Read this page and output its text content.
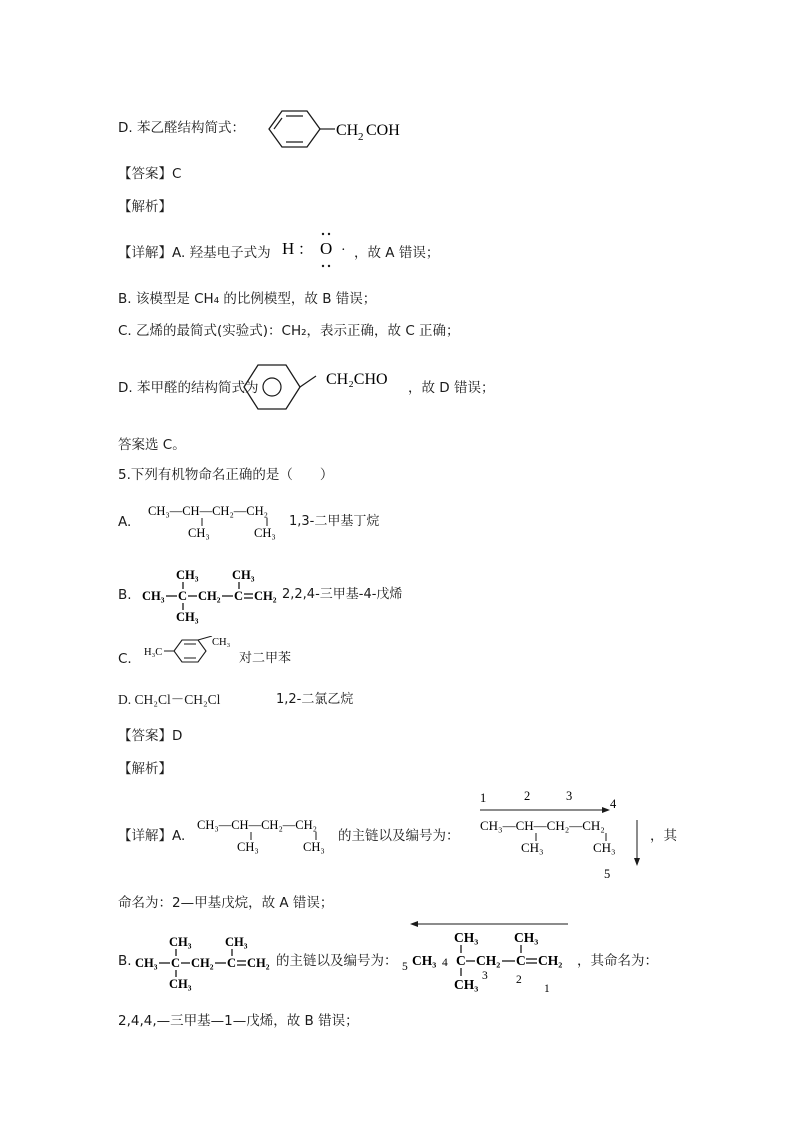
D. 苯乙醛结构简式：	CH 2 COH
【答案】C
【解析】
【详解】A. 羟基电子式为 H ： O · ，故 A 错误；
B. 该模型是 CH₄ 的比例模型，故 B 错误；
C. 乙烯的最简式(实验式)：CH₂，表示正确，故 C 正确；
D. 苯甲醛的结构简式为	CH₂CHO ，故 D 错误；
答案选 C。
5.下列有机物命名正确的是（　　）
A.
CH₃—CH—CH₂—CH₂
CH₃	CH₃
1,3-二甲基丁烷
B.
CH₃	CH₃
CH₃ C CH₂ C CH₂
CH₃
2,2,4-三甲基-4-戊烯
C. H₃C
CH₃
对二甲苯
D. CH₂Cl－CH₂Cl	1,2-二氯乙烷
【答案】D
【解析】
【详解】A.
CH₃—CH—CH₂—CH₂
CH₃	CH₃
的主链以及编号为：
1	2	3
4
CH₃—CH—CH₂—CH₂
CH₃	CH₃
5
，其
命名为：2—甲基戊烷，故 A 错误；
B.
CH₃	CH₃
CH₃ C CH₂ C CH₂
CH₃
的主链以及编号为：
CH₃	CH₃
CH₃ C CH₂ C CH₂
CH₃
5	4
3 2
1
，其命名为：
2,4,4,—三甲基—1—戊烯，故 B 错误；
